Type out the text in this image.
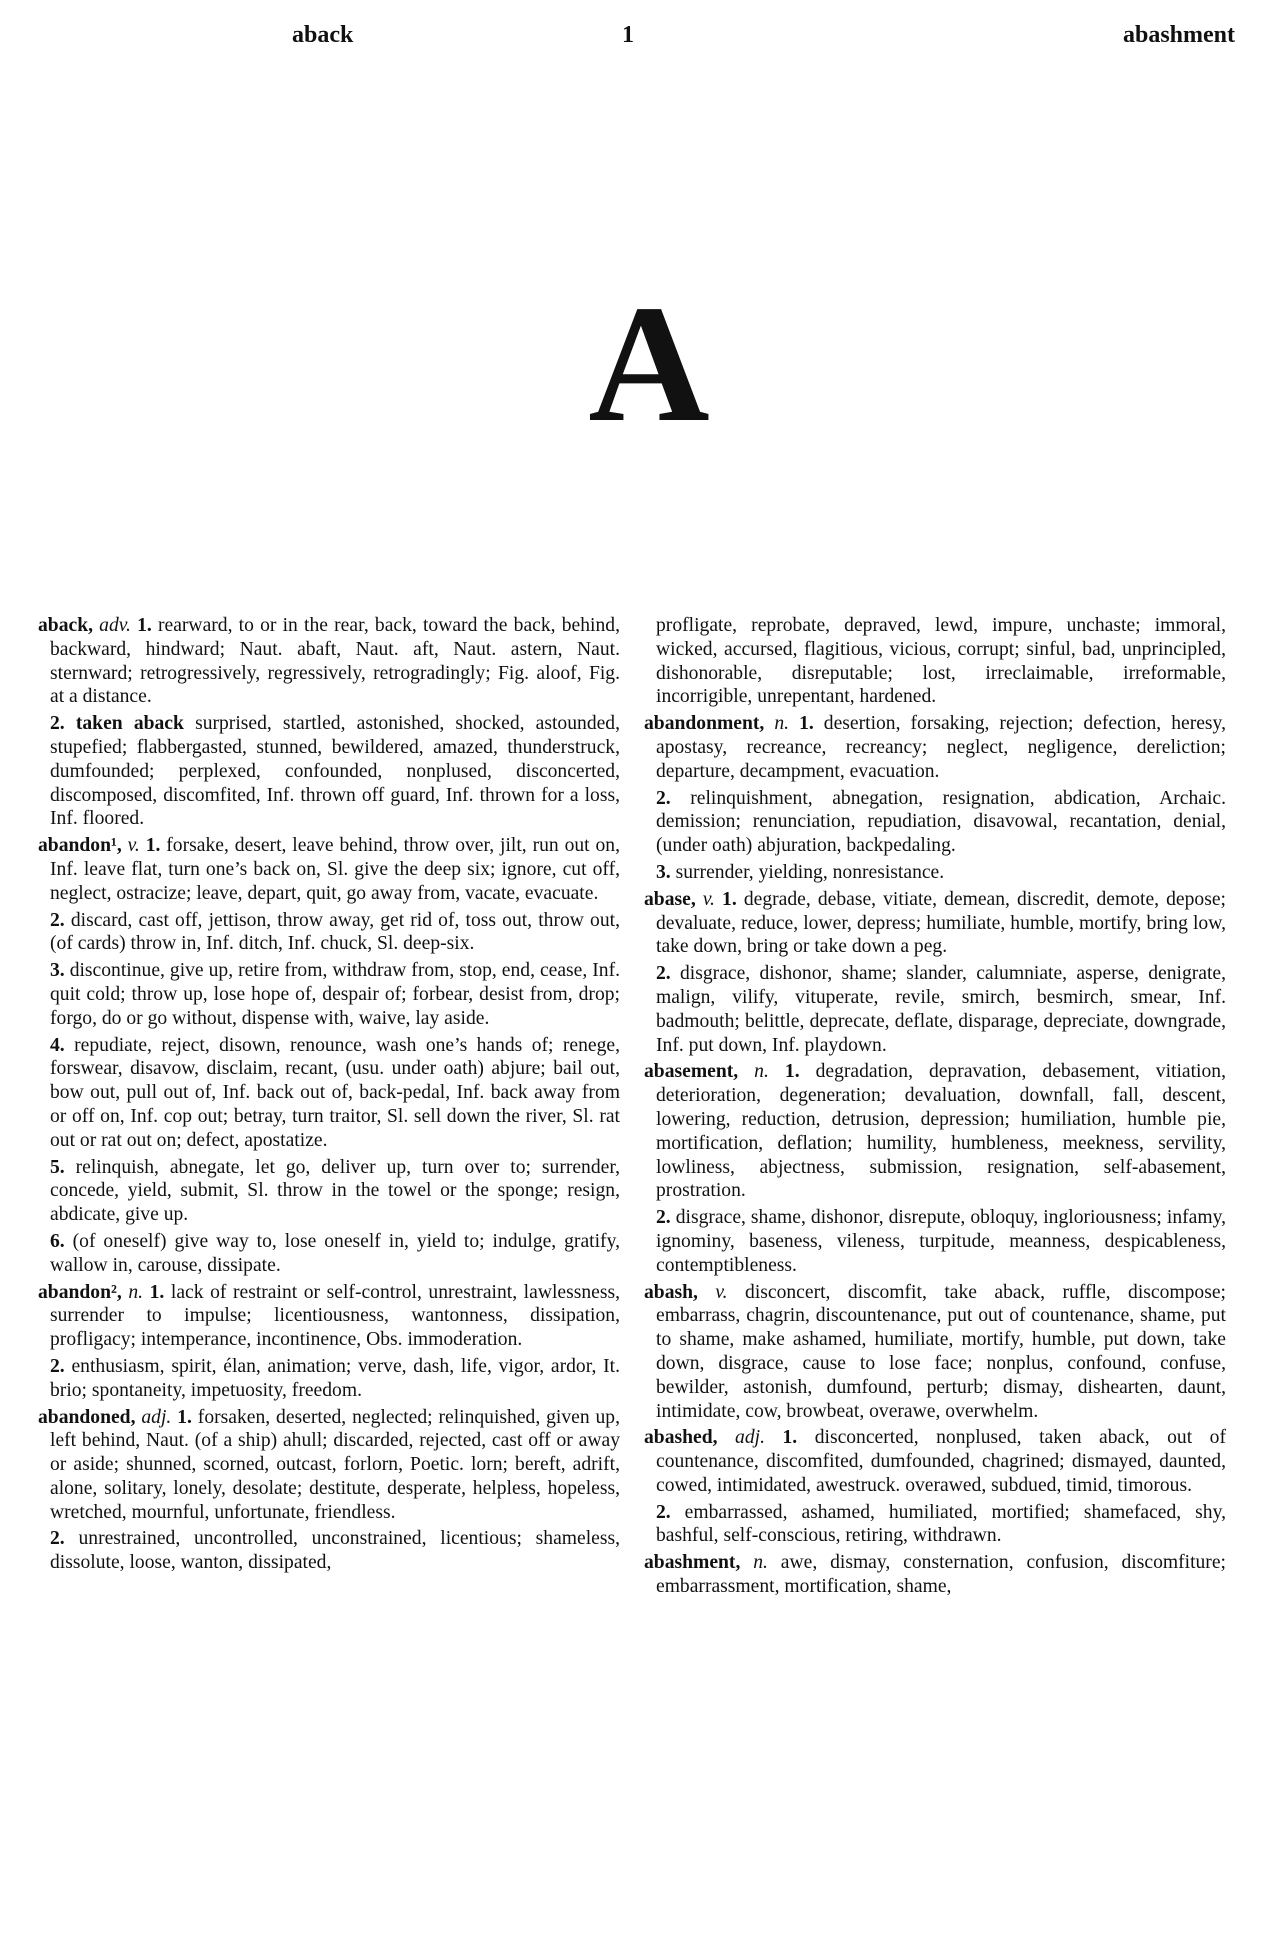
aback	1	abashment
A

aback, adv. 1. rearward, to or in the rear, back, toward the back, behind, backward, hindward; Naut. abaft, Naut. aft, Naut. astern, Naut. sternward; retrogressively, regressively, retrogradingly; Fig. aloof, Fig. at a distance.

2. taken aback surprised, startled, astonished, shocked, astounded, stupefied; flabbergasted, stunned, bewildered, amazed, thunderstruck, dumfounded; perplexed, confounded, nonplused, disconcerted, discomposed, discomfited, Inf. thrown off guard, Inf. thrown for a loss, Inf. floored.

abandon¹, v. 1. forsake, desert, leave behind, throw over, jilt, run out on, Inf. leave flat, turn one’s back on, Sl. give the deep six; ignore, cut off, neglect, ostracize; leave, depart, quit, go away from, vacate, evacuate.

2. discard, cast off, jettison, throw away, get rid of, toss out, throw out, (of cards) throw in, Inf. ditch, Inf. chuck, Sl. deep-six.

3. discontinue, give up, retire from, withdraw from, stop, end, cease, Inf. quit cold; throw up, lose hope of, despair of; forbear, desist from, drop; forgo, do or go without, dispense with, waive, lay aside.

4. repudiate, reject, disown, renounce, wash one’s hands of; renege, forswear, disavow, disclaim, recant, (usu. under oath) abjure; bail out, bow out, pull out of, Inf. back out of, back-pedal, Inf. back away from or off on, Inf. cop out; betray, turn traitor, Sl. sell down the river, Sl. rat out or rat out on; defect, apostatize.

5. relinquish, abnegate, let go, deliver up, turn over to; surrender, concede, yield, submit, Sl. throw in the towel or the sponge; resign, abdicate, give up.

6. (of oneself) give way to, lose oneself in, yield to; indulge, gratify, wallow in, carouse, dissipate.

abandon², n. 1. lack of restraint or self-control, unrestraint, lawlessness, surrender to impulse; licentiousness, wantonness, dissipation, profligacy; intemperance, incontinence, Obs. immoderation.

2. enthusiasm, spirit, élan, animation; verve, dash, life, vigor, ardor, It. brio; spontaneity, impetuosity, freedom.

abandoned, adj. 1. forsaken, deserted, neglected; relinquished, given up, left behind, Naut. (of a ship) ahull; discarded, rejected, cast off or away or aside; shunned, scorned, outcast, forlorn, Poetic. lorn; bereft, adrift, alone, solitary, lonely, desolate; destitute, desperate, helpless, hopeless, wretched, mournful, unfortunate, friendless.

2. unrestrained, uncontrolled, unconstrained, licentious; shameless, dissolute, loose, wanton, dissipated,

profligate, reprobate, depraved, lewd, impure, unchaste; immoral, wicked, accursed, flagitious, vicious, corrupt; sinful, bad, unprincipled, dishonorable, disreputable; lost, irreclaimable, irreformable, incorrigible, unrepentant, hardened.

abandonment, n. 1. desertion, forsaking, rejection; defection, heresy, apostasy, recreance, recreancy; neglect, negligence, dereliction; departure, decampment, evacuation.

2. relinquishment, abnegation, resignation, abdication, Archaic. demission; renunciation, repudiation, disavowal, recantation, denial, (under oath) abjuration, backpedaling.

3. surrender, yielding, nonresistance.

abase, v. 1. degrade, debase, vitiate, demean, discredit, demote, depose; devaluate, reduce, lower, depress; humiliate, humble, mortify, bring low, take down, bring or take down a peg.

2. disgrace, dishonor, shame; slander, calumniate, asperse, denigrate, malign, vilify, vituperate, revile, smirch, besmirch, smear, Inf. badmouth; belittle, deprecate, deflate, disparage, depreciate, downgrade, Inf. put down, Inf. playdown.

abasement, n. 1. degradation, depravation, debasement, vitiation, deterioration, degeneration; devaluation, downfall, fall, descent, lowering, reduction, detrusion, depression; humiliation, humble pie, mortification, deflation; humility, humbleness, meekness, servility, lowliness, abjectness, submission, resignation, self-abasement, prostration.

2. disgrace, shame, dishonor, disrepute, obloquy, ingloriousness; infamy, ignominy, baseness, vileness, turpitude, meanness, despicableness, contemptibleness.

abash, v. disconcert, discomfit, take aback, ruffle, discompose; embarrass, chagrin, discountenance, put out of countenance, shame, put to shame, make ashamed, humiliate, mortify, humble, put down, take down, disgrace, cause to lose face; nonplus, confound, confuse, bewilder, astonish, dumfound, perturb; dismay, dishearten, daunt, intimidate, cow, browbeat, overawe, overwhelm.

abashed, adj. 1. disconcerted, nonplused, taken aback, out of countenance, discomfited, dumfounded, chagrined; dismayed, daunted, cowed, intimidated, awestruck. overawed, subdued, timid, timorous.

2. embarrassed, ashamed, humiliated, mortified; shamefaced, shy, bashful, self-conscious, retiring, withdrawn.

abashment, n. awe, dismay, consternation, confusion, discomfiture; embarrassment, mortification, shame,
